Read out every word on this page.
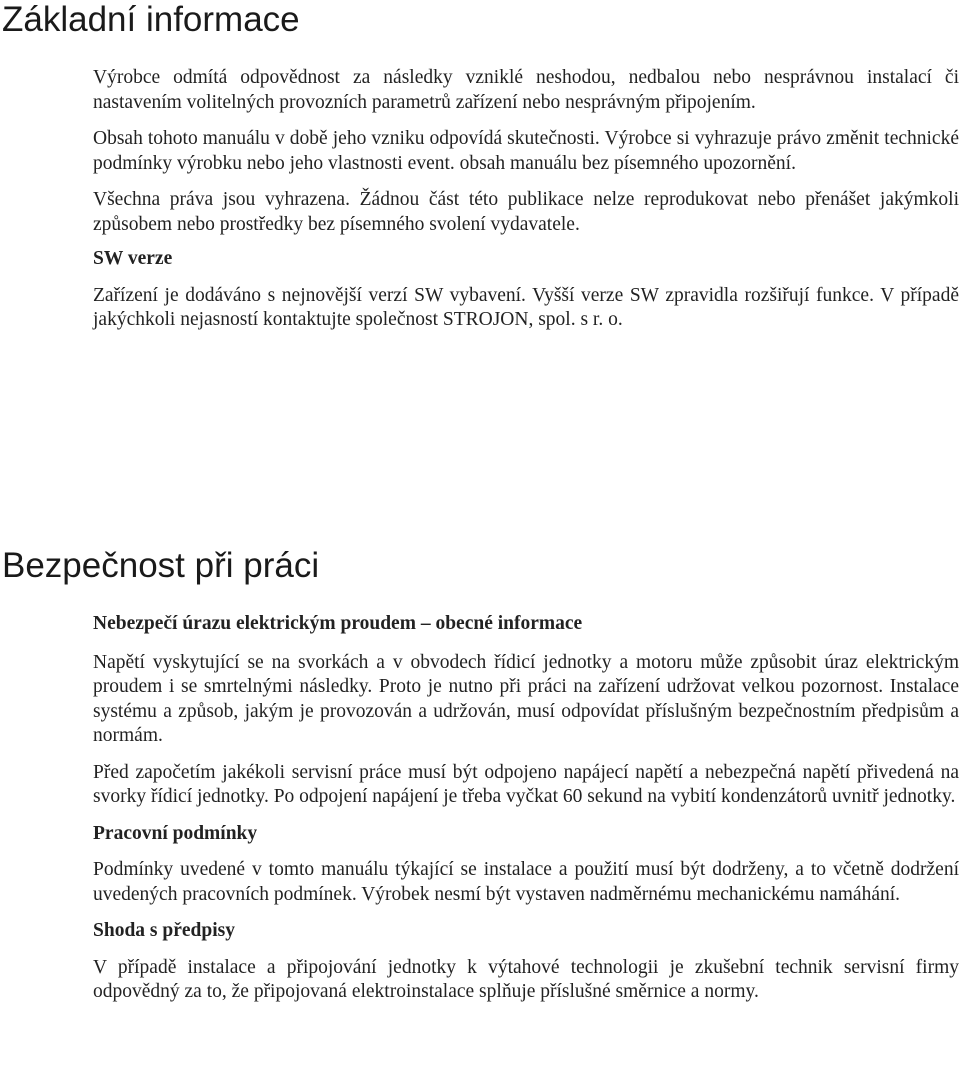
Základní informace

Výrobce odmítá odpovědnost za následky vzniklé neshodou, nedbalou nebo nesprávnou instalací či nastavením volitelných provozních parametrů zařízení nebo nesprávným připojením.

Obsah tohoto manuálu v době jeho vzniku odpovídá skutečnosti. Výrobce si vyhrazuje právo změnit technické podmínky výrobku nebo jeho vlastnosti event. obsah manuálu bez písemného upozornění.

Všechna práva jsou vyhrazena. Žádnou část této publikace nelze reprodukovat nebo přenášet jakýmkoli způsobem nebo prostředky bez písemného svolení vydavatele.

SW verze

Zařízení je dodáváno s nejnovější verzí SW vybavení. Vyšší verze SW zpravidla rozšiřují funkce. V případě jakýchkoli nejasností kontaktujte společnost STROJON, spol. s r. o.

Bezpečnost při práci

Nebezpečí úrazu elektrickým proudem – obecné informace

Napětí vyskytující se na svorkách a v obvodech řídicí jednotky a motoru může způsobit úraz elektrickým proudem i se smrtelnými následky. Proto je nutno při práci na zařízení udržovat velkou pozornost. Instalace systému a způsob, jakým je provozován a udržován, musí odpovídat příslušným bezpečnostním předpisům a normám.

Před započetím jakékoli servisní práce musí být odpojeno napájecí napětí a nebezpečná napětí přivedená na svorky řídicí jednotky. Po odpojení napájení je třeba vyčkat 60 sekund na vybití kondenzátorů uvnitř jednotky.

Pracovní podmínky

Podmínky uvedené v tomto manuálu týkající se instalace a použití musí být dodrženy, a to včetně dodržení uvedených pracovních podmínek. Výrobek nesmí být vystaven nadměrnému mechanickému namáhání.

Shoda s předpisy

V případě instalace a připojování jednotky k výtahové technologii je zkušební technik servisní firmy odpovědný za to, že připojovaná elektroinstalace splňuje příslušné směrnice a normy.
